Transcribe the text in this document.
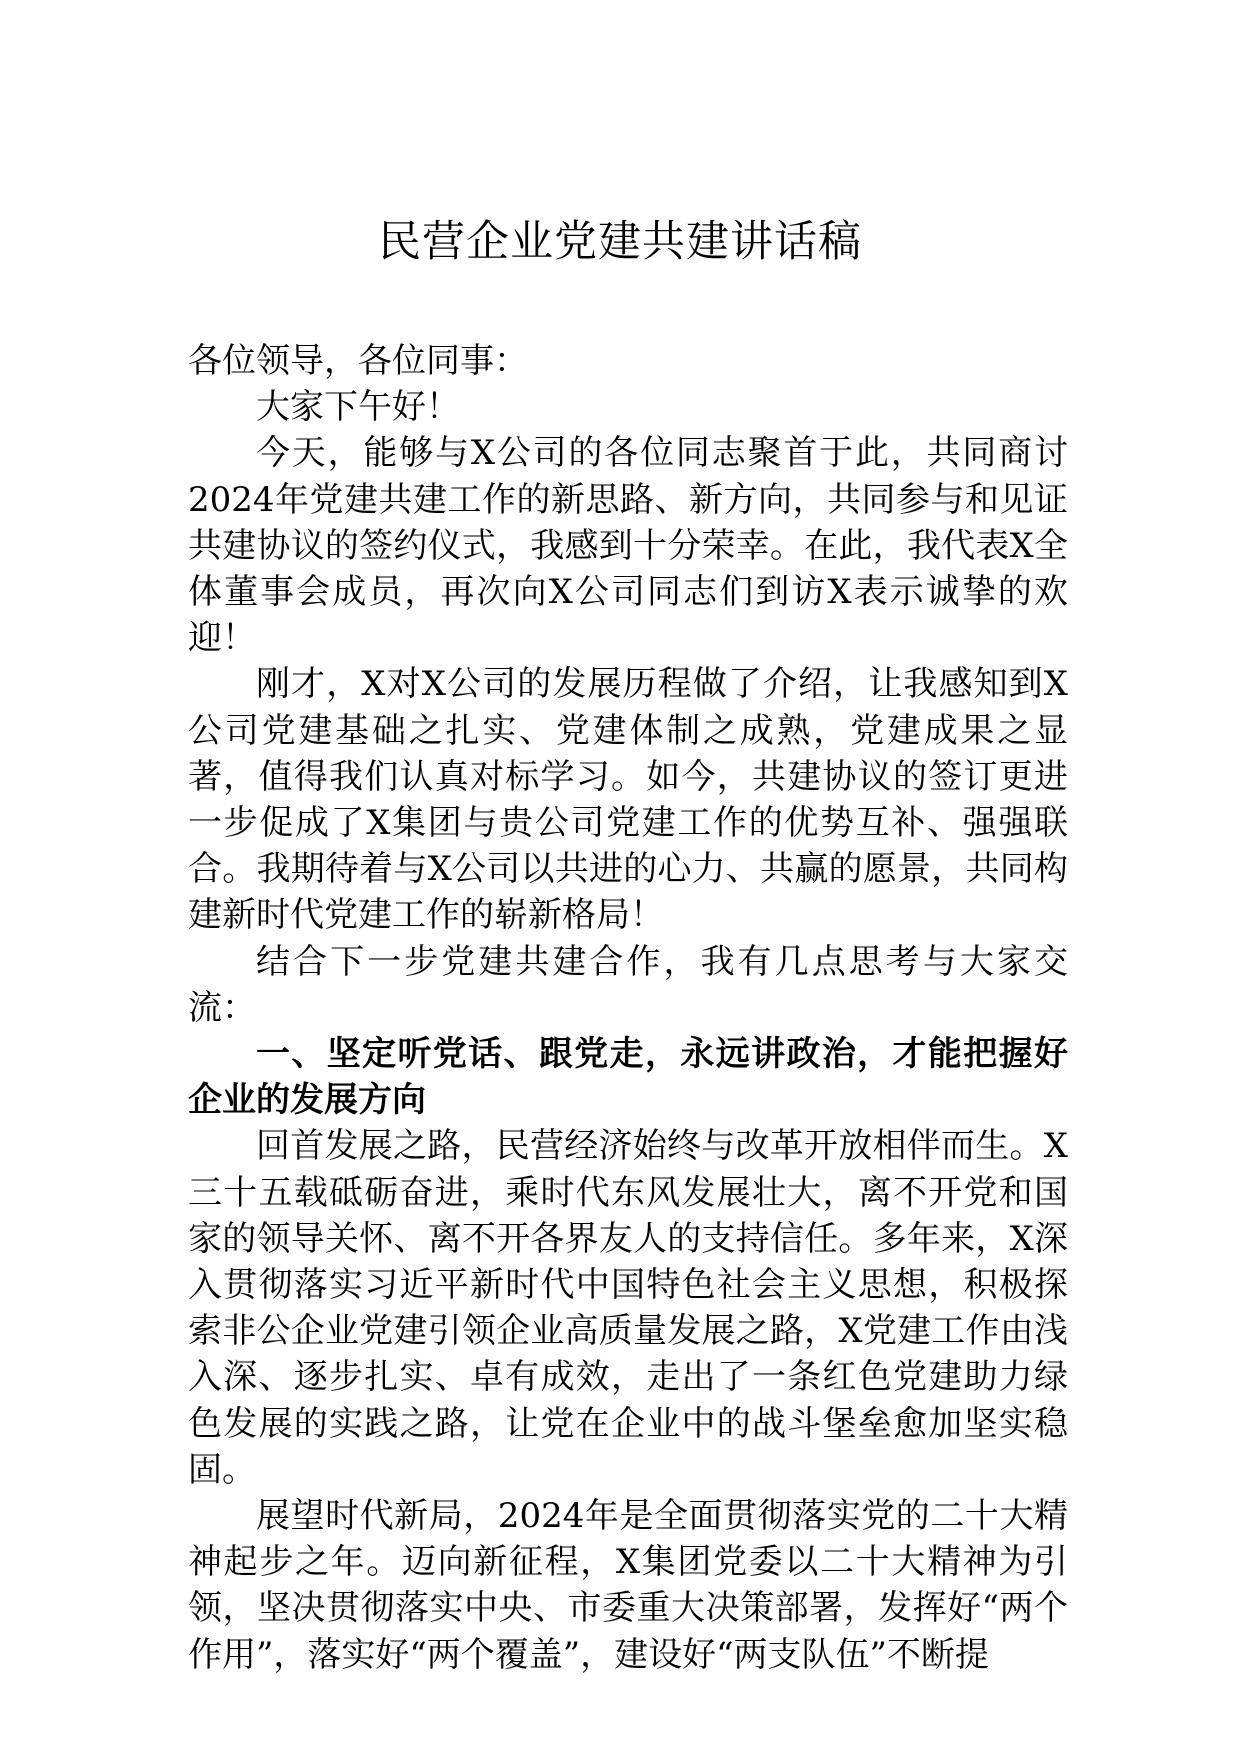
民营企业党建共建讲话稿

各位领导，各位同事：

大家下午好！

今天，能够与X公司的各位同志聚首于此，共同商讨2024年党建共建工作的新思路、新方向，共同参与和见证共建协议的签约仪式，我感到十分荣幸。在此，我代表X全体董事会成员，再次向X公司同志们到访X表示诚挚的欢迎！

刚才，X对X公司的发展历程做了介绍，让我感知到X公司党建基础之扎实、党建体制之成熟，党建成果之显著，值得我们认真对标学习。如今，共建协议的签订更进一步促成了X集团与贵公司党建工作的优势互补、强强联合。我期待着与X公司以共进的心力、共赢的愿景，共同构建新时代党建工作的崭新格局！

结合下一步党建共建合作，我有几点思考与大家交流：

一、坚定听党话、跟党走，永远讲政治，才能把握好企业的发展方向

回首发展之路，民营经济始终与改革开放相伴而生。X三十五载砥砺奋进，乘时代东风发展壮大，离不开党和国家的领导关怀、离不开各界友人的支持信任。多年来，X深入贯彻落实习近平新时代中国特色社会主义思想，积极探索非公企业党建引领企业高质量发展之路，X党建工作由浅入深、逐步扎实、卓有成效，走出了一条红色党建助力绿色发展的实践之路，让党在企业中的战斗堡垒愈加坚实稳固。

展望时代新局，2024年是全面贯彻落实党的二十大精神起步之年。迈向新征程，X集团党委以二十大精神为引领，坚决贯彻落实中央、市委重大决策部署，发挥好“两个作用”，落实好“两个覆盖”，建设好“两支队伍”不断提
